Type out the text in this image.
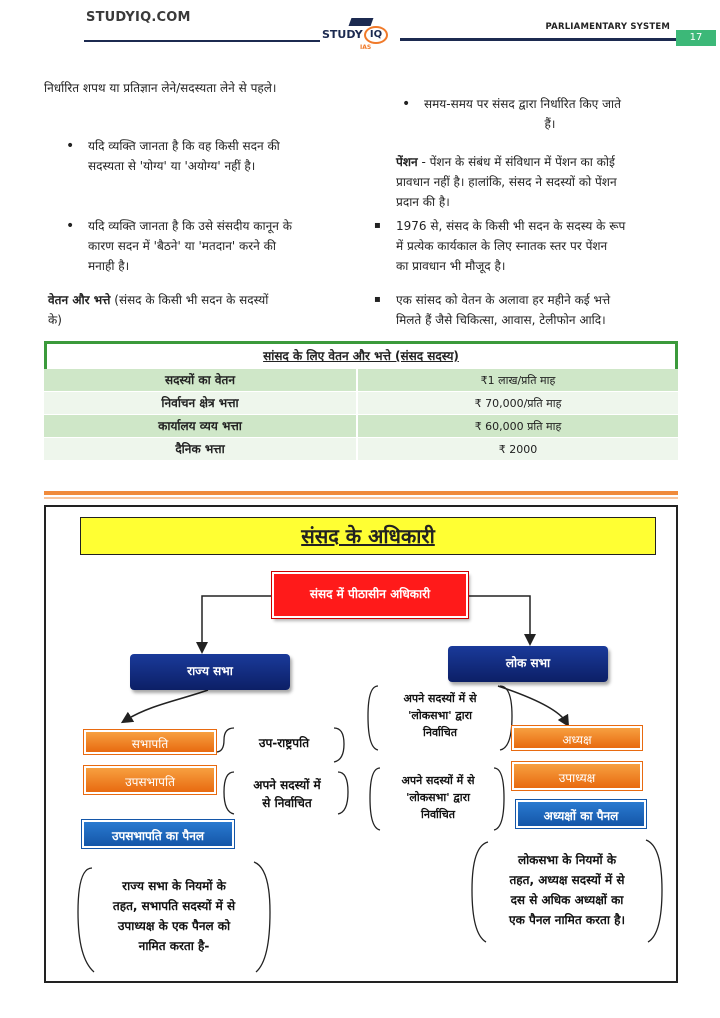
STUDYIQ.COM
PARLIAMENTARY SYSTEM
17
STUDY IQ
IAS
निर्धारित शपथ या प्रतिज्ञान लेने/सदस्यता लेने से पहले।
• यदि व्यक्ति जानता है कि वह किसी सदन की
सदस्यता से 'योग्य' या 'अयोग्य' नहीं है।
• यदि व्यक्ति जानता है कि उसे संसदीय कानून के
कारण सदन में 'बैठने' या 'मतदान' करने की
मनाही है।
वेतन और भत्ते (संसद के किसी भी सदन के सदस्यों
के)
• समय-समय पर संसद द्वारा निर्धारित किए जाते
हैं।
पेंशन - पेंशन के संबंध में संविधान में पेंशन का कोई
प्रावधान नहीं है। हालांकि, संसद ने सदस्यों को पेंशन
प्रदान की है।
▪ 1976 से, संसद के किसी भी सदन के सदस्य के रूप
में प्रत्येक कार्यकाल के लिए स्नातक स्तर पर पेंशन
का प्रावधान भी मौजूद है।
▪ एक सांसद को वेतन के अलावा हर महीने कई भत्ते
मिलते हैं जैसे चिकित्सा, आवास, टेलीफोन आदि।
सांसद के लिए वेतन और भत्ते (संसद सदस्य)
सदस्यों का वेतन	₹1 लाख/प्रति माह
निर्वाचन क्षेत्र भत्ता	₹ 70,000/प्रति माह
कार्यालय व्यय भत्ता	₹ 60,000 प्रति माह
दैनिक भत्ता	₹ 2000
संसद के अधिकारी
संसद में पीठासीन अधिकारी
राज्य सभा
लोक सभा
सभापति
उपसभापति
उपसभापति का पैनल
उप-राष्ट्रपति
अपने सदस्यों में
से निर्वाचित
अध्यक्ष
उपाध्यक्ष
अध्यक्षों का पैनल
अपने सदस्यों में से
'लोकसभा' द्वारा
निर्वाचित
अपने सदस्यों में से
'लोकसभा' द्वारा
निर्वाचित
राज्य सभा के नियमों के
तहत, सभापति सदस्यों में से
उपाध्यक्ष के एक पैनल को
नामित करता है-
लोकसभा के नियमों के
तहत, अध्यक्ष सदस्यों में से
दस से अधिक अध्यक्षों का
एक पैनल नामित करता है।
